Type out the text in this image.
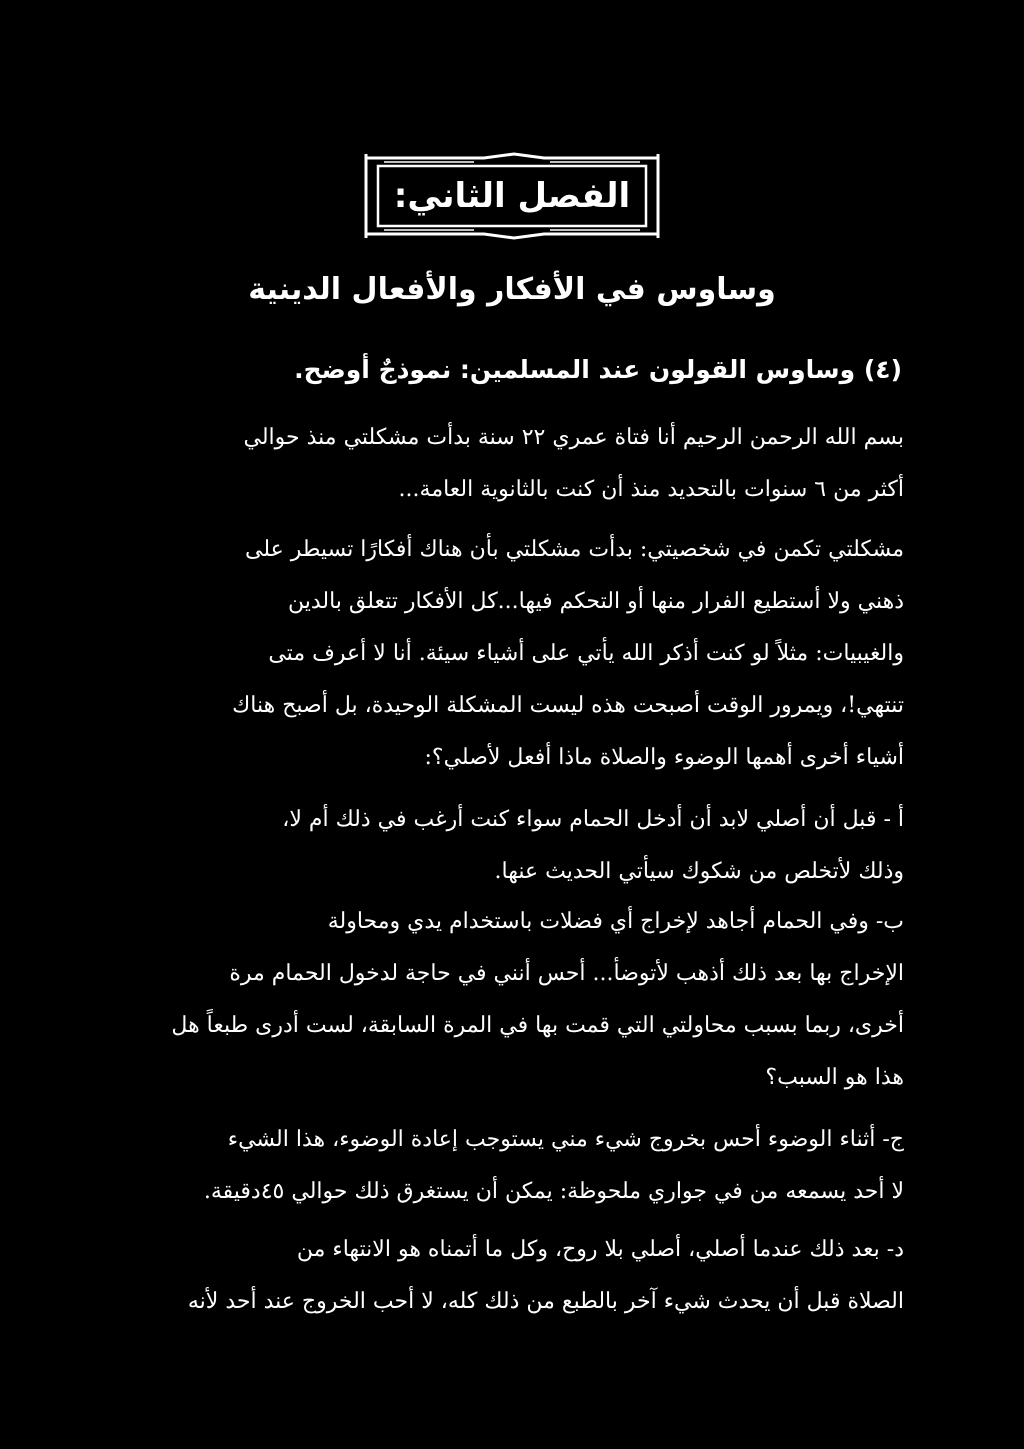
الفصل الثاني:
وساوس في الأفكار والأفعال الدينية
(٤) وساوس القولون عند المسلمين: نموذجٌ أوضح.
بسم الله الرحمن الرحيم أنا فتاة عمري ٢٢ سنة بدأت مشكلتي منذ حوالي
أكثر من ٦ سنوات بالتحديد منذ أن كنت بالثانوية العامة...
مشكلتي تكمن في شخصيتي: بدأت مشكلتي بأن هناك أفكارًا تسيطر على
ذهني ولا أستطيع الفرار منها أو التحكم فيها...كل الأفكار تتعلق بالدين
والغيبيات: مثلاً لو كنت أذكر الله يأتي على أشياء سيئة. أنا لا أعرف متى
تنتهي!، ويمرور الوقت أصبحت هذه ليست المشكلة الوحيدة، بل أصبح هناك
أشياء أخرى أهمها الوضوء والصلاة ماذا أفعل لأصلي؟:
أ - قبل أن أصلي لابد أن أدخل الحمام سواء كنت أرغب في ذلك أم لا،
وذلك لأتخلص من شكوك سيأتي الحديث عنها.
ب- وفي الحمام أجاهد لإخراج أي فضلات باستخدام يدي ومحاولة
الإخراج بها بعد ذلك أذهب لأتوضأ... أحس أنني في حاجة لدخول الحمام مرة
أخرى، ربما بسبب محاولتي التي قمت بها في المرة السابقة، لست أدرى طبعاً هل
هذا هو السبب؟
ج- أثناء الوضوء أحس بخروج شيء مني يستوجب إعادة الوضوء، هذا الشيء
لا أحد يسمعه من في جواري ملحوظة: يمكن أن يستغرق ذلك حوالي ٤٥دقيقة.
د- بعد ذلك عندما أصلي، أصلي بلا روح، وكل ما أتمناه هو الانتهاء من
الصلاة قبل أن يحدث شيء آخر بالطبع من ذلك كله، لا أحب الخروج عند أحد لأنه
